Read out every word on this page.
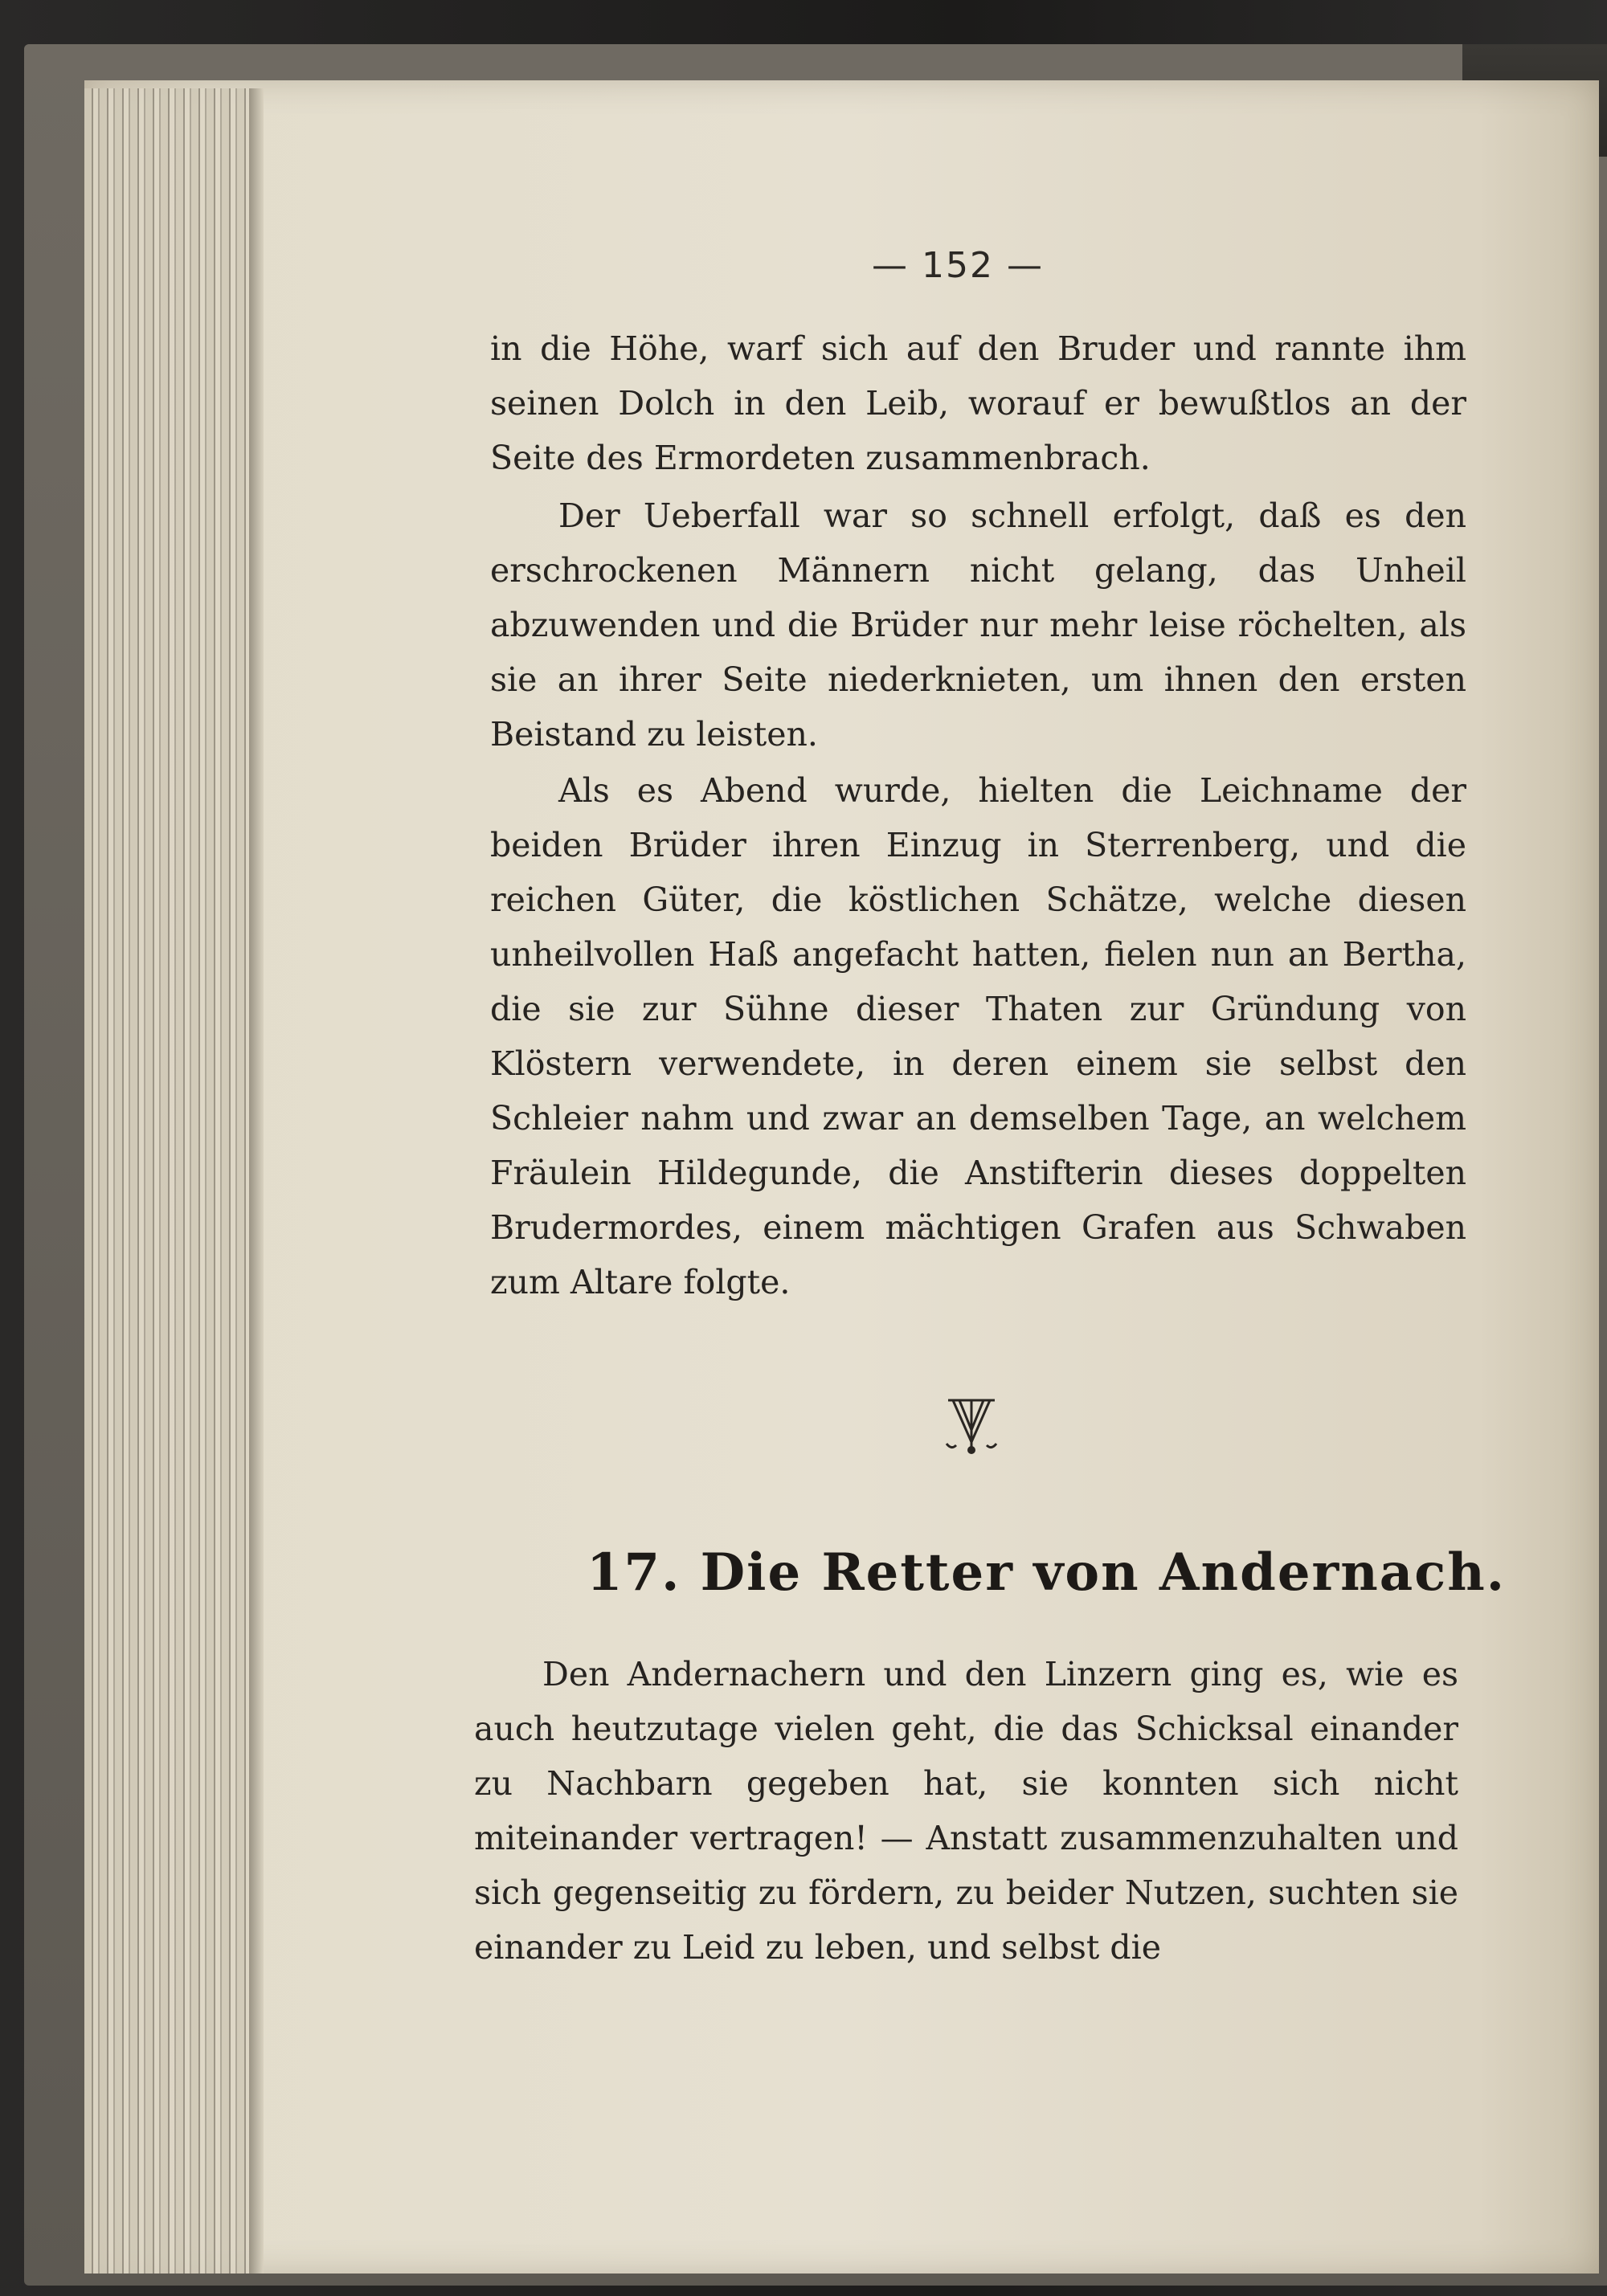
— 152 —

in die Höhe, warf sich auf den Bruder und rannte ihm seinen Dolch in den Leib, worauf er bewußtlos an der Seite des Ermordeten zusammenbrach.

Der Ueberfall war so schnell erfolgt, daß es den erschrockenen Männern nicht gelang, das Unheil abzuwenden und die Brüder nur mehr leise röchelten, als sie an ihrer Seite niederknieten, um ihnen den ersten Beistand zu leisten.

Als es Abend wurde, hielten die Leichname der beiden Brüder ihren Einzug in Sterrenberg, und die reichen Güter, die köstlichen Schätze, welche diesen unheilvollen Haß angefacht hatten, fielen nun an Bertha, die sie zur Sühne dieser Thaten zur Gründung von Klöstern verwendete, in deren einem sie selbst den Schleier nahm und zwar an demselben Tage, an welchem Fräulein Hildegunde, die Anstifterin dieses doppelten Brudermordes, einem mächtigen Grafen aus Schwaben zum Altare folgte.

17. Die Retter von Andernach.

Den Andernachern und den Linzern ging es, wie es auch heutzutage vielen geht, die das Schicksal einander zu Nachbarn gegeben hat, sie konnten sich nicht miteinander vertragen! — Anstatt zusammenzuhalten und sich gegenseitig zu fördern, zu beider Nutzen, suchten sie einander zu Leid zu leben, und selbst die
